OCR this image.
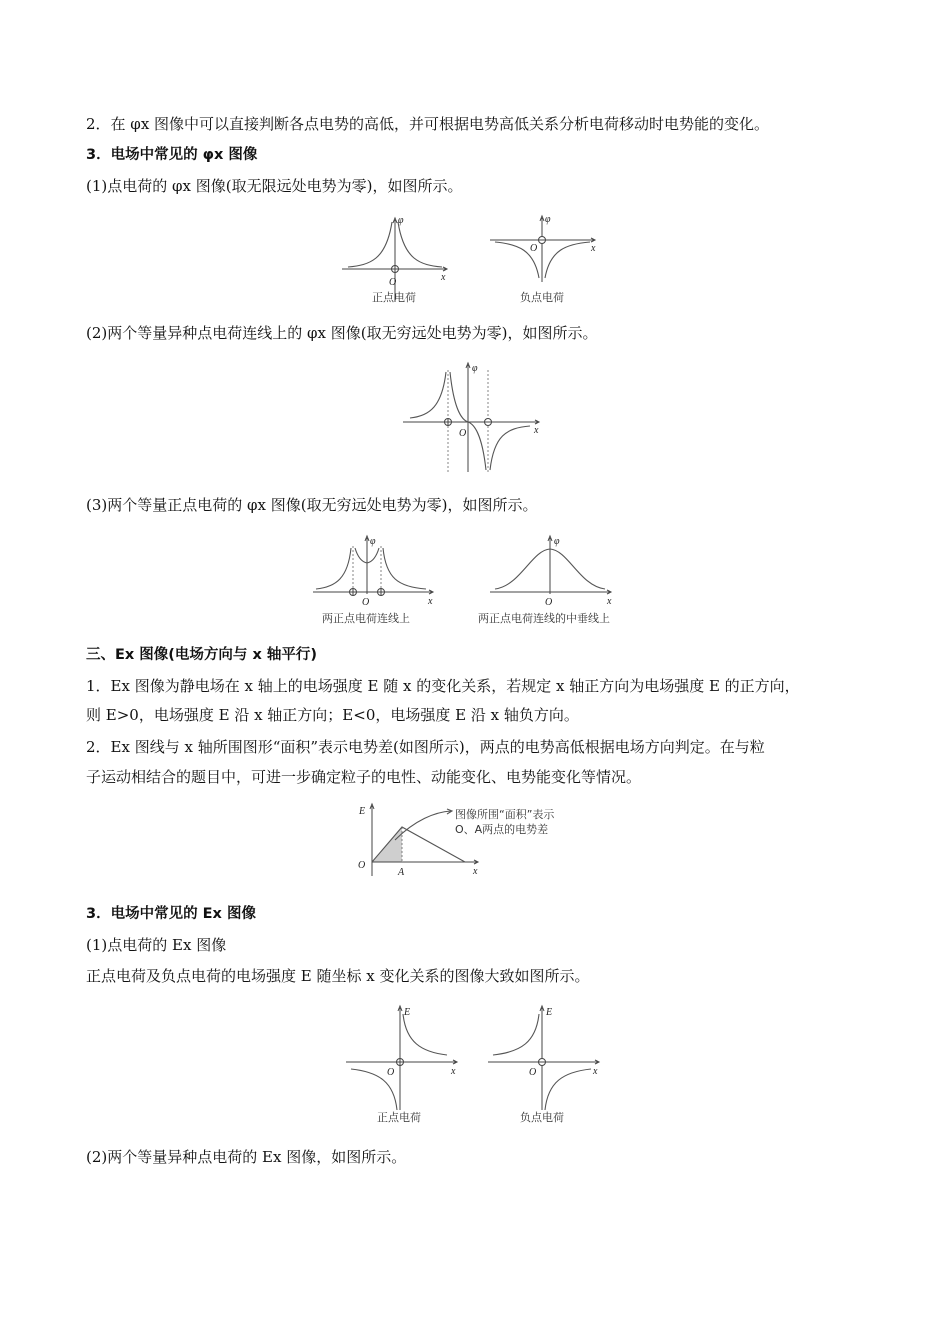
2．在 φx 图像中可以直接判断各点电势的高低，并可根据电势高低关系分析电荷移动时电势能的变化。
3．电场中常见的 φx 图像
(1)点电荷的 φx 图像(取无限远处电势为零)，如图所示。
φ
x
O
正点电荷
φ
x
O
负点电荷
(2)两个等量异种点电荷连线上的 φx 图像(取无穷远处电势为零)，如图所示。
φ
x
O
(3)两个等量正点电荷的 φx 图像(取无穷远处电势为零)，如图所示。
φ
x
O
两正点电荷连线上
φ
x
O
两正点电荷连线的中垂线上
三、Ex 图像(电场方向与 x 轴平行)
1．Ex 图像为静电场在 x 轴上的电场强度 E 随 x 的变化关系，若规定 x 轴正方向为电场强度 E 的正方向，
则 E>0，电场强度 E 沿 x 轴正方向；E<0，电场强度 E 沿 x 轴负方向。
2．Ex 图线与 x 轴所围图形“面积”表示电势差(如图所示)，两点的电势高低根据电场方向判定。在与粒
子运动相结合的题目中，可进一步确定粒子的电性、动能变化、电势能变化等情况。
E
O
A	x
图像所围“面积”表示
O、A两点的电势差
3．电场中常见的 Ex 图像
(1)点电荷的 Ex 图像
正点电荷及负点电荷的电场强度 E 随坐标 x 变化关系的图像大致如图所示。
E
x
O
正点电荷
E
x
O
负点电荷
(2)两个等量异种点电荷的 Ex 图像，如图所示。
